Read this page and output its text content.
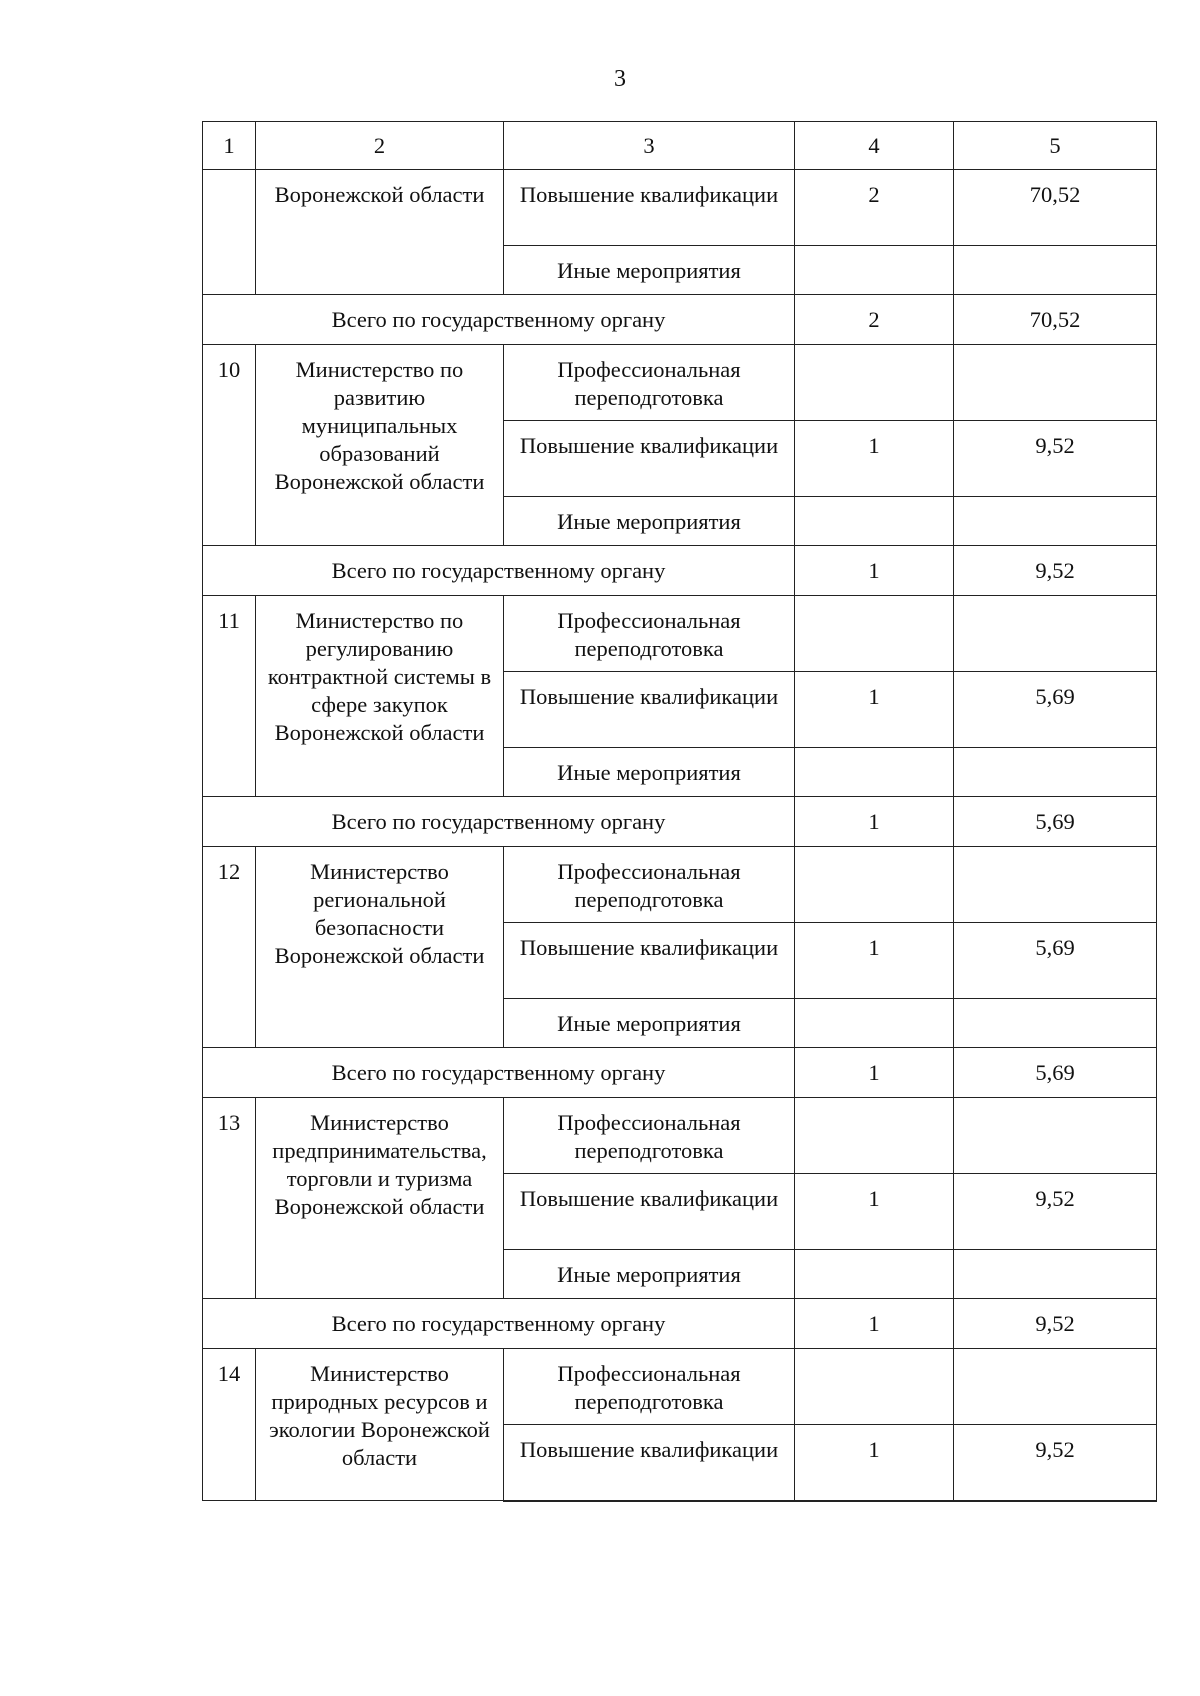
3
1	2	3	4	5
	Воронежской области	Повышение квалификации	2	70,52
		Иные мероприятия		
Всего по государственному органу			2	70,52
10	Министерство по развитию муниципальных образований Воронежской области	Профессиональная переподготовка		
		Повышение квалификации	1	9,52
		Иные мероприятия		
Всего по государственному органу			1	9,52
11	Министерство по регулированию контрактной системы в сфере закупок Воронежской области	Профессиональная переподготовка		
		Повышение квалификации	1	5,69
		Иные мероприятия		
Всего по государственному органу			1	5,69
12	Министерство региональной безопасности Воронежской области	Профессиональная переподготовка		
		Повышение квалификации	1	5,69
		Иные мероприятия		
Всего по государственному органу			1	5,69
13	Министерство предпринимательства, торговли и туризма Воронежской области	Профессиональная переподготовка		
		Повышение квалификации	1	9,52
		Иные мероприятия		
Всего по государственному органу			1	9,52
14	Министерство природных ресурсов и экологии Воронежской области	Профессиональная переподготовка		
		Повышение квалификации	1	9,52
